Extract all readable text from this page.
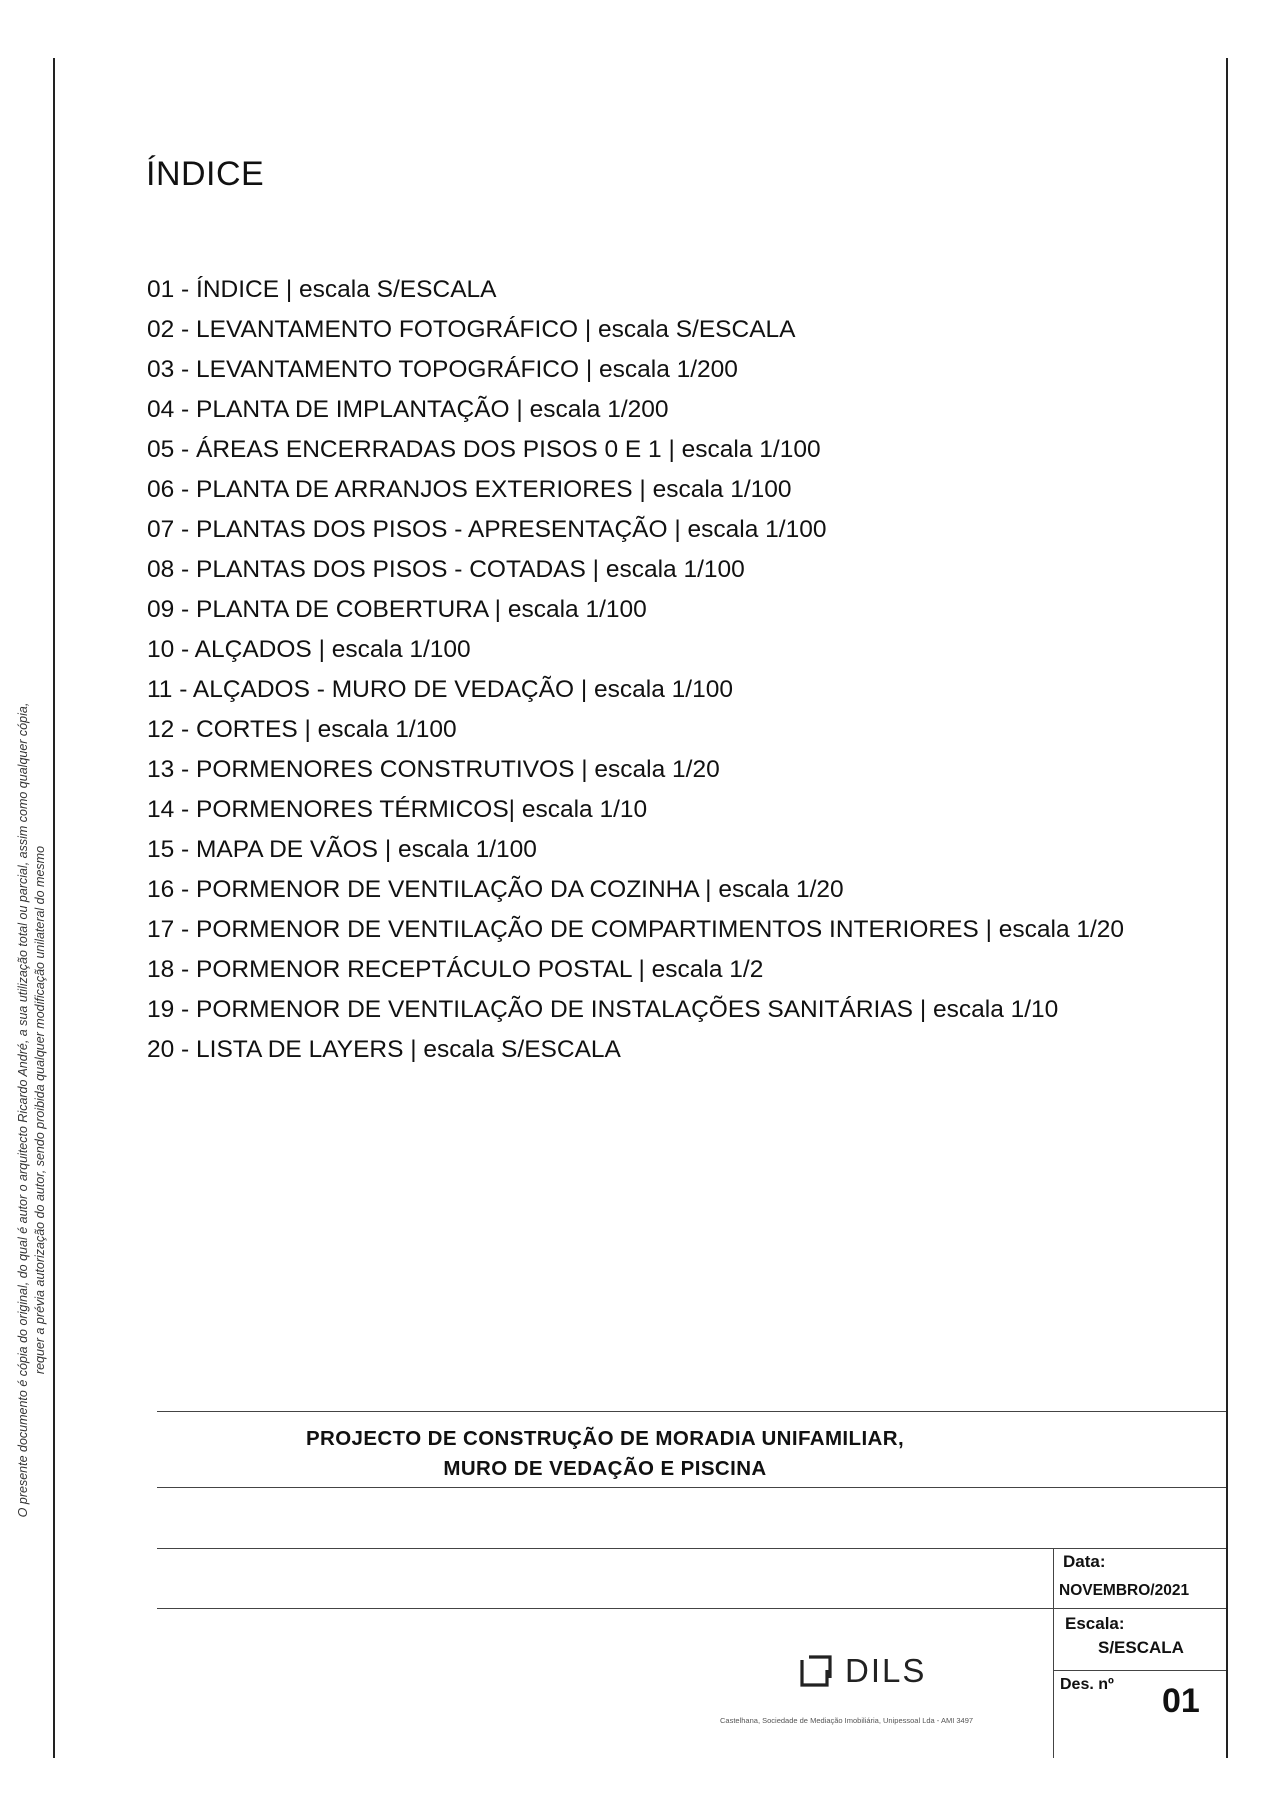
O presente documento é cópia do original, do qual é autor o arquitecto Ricardo André, a sua utilização total ou parcial, assim como qualquer cópia, requer a prévia autorização do autor, sendo proibida qualquer modificação unilateral do mesmo
ÍNDICE
01 - ÍNDICE | escala S/ESCALA
02 - LEVANTAMENTO FOTOGRÁFICO | escala S/ESCALA
03 - LEVANTAMENTO TOPOGRÁFICO | escala 1/200
04 - PLANTA DE IMPLANTAÇÃO | escala 1/200
05 - ÁREAS ENCERRADAS DOS PISOS 0 E 1 | escala 1/100
06 - PLANTA DE ARRANJOS EXTERIORES | escala 1/100
07 - PLANTAS DOS PISOS - APRESENTAÇÃO | escala 1/100
08 - PLANTAS DOS PISOS - COTADAS | escala 1/100
09 - PLANTA DE COBERTURA | escala 1/100
10 - ALÇADOS | escala 1/100
11 - ALÇADOS - MURO DE VEDAÇÃO | escala 1/100
12 - CORTES | escala 1/100
13 - PORMENORES CONSTRUTIVOS | escala 1/20
14 - PORMENORES TÉRMICOS| escala 1/10
15 - MAPA DE VÃOS | escala 1/100
16 - PORMENOR DE VENTILAÇÃO DA COZINHA | escala 1/20
17 - PORMENOR DE VENTILAÇÃO DE COMPARTIMENTOS INTERIORES | escala 1/20
18 - PORMENOR RECEPTÁCULO POSTAL | escala 1/2
19 - PORMENOR DE VENTILAÇÃO DE INSTALAÇÕES SANITÁRIAS | escala 1/10
20 - LISTA DE LAYERS | escala S/ESCALA
PROJECTO DE CONSTRUÇÃO DE MORADIA UNIFAMILIAR,
MURO DE VEDAÇÃO E PISCINA
Data:
NOVEMBRO/2021
Escala:
S/ESCALA
Des. nº 01
DILS
Castelhana, Sociedade de Mediação Imobiliária, Unipessoal Lda - AMI 3497
